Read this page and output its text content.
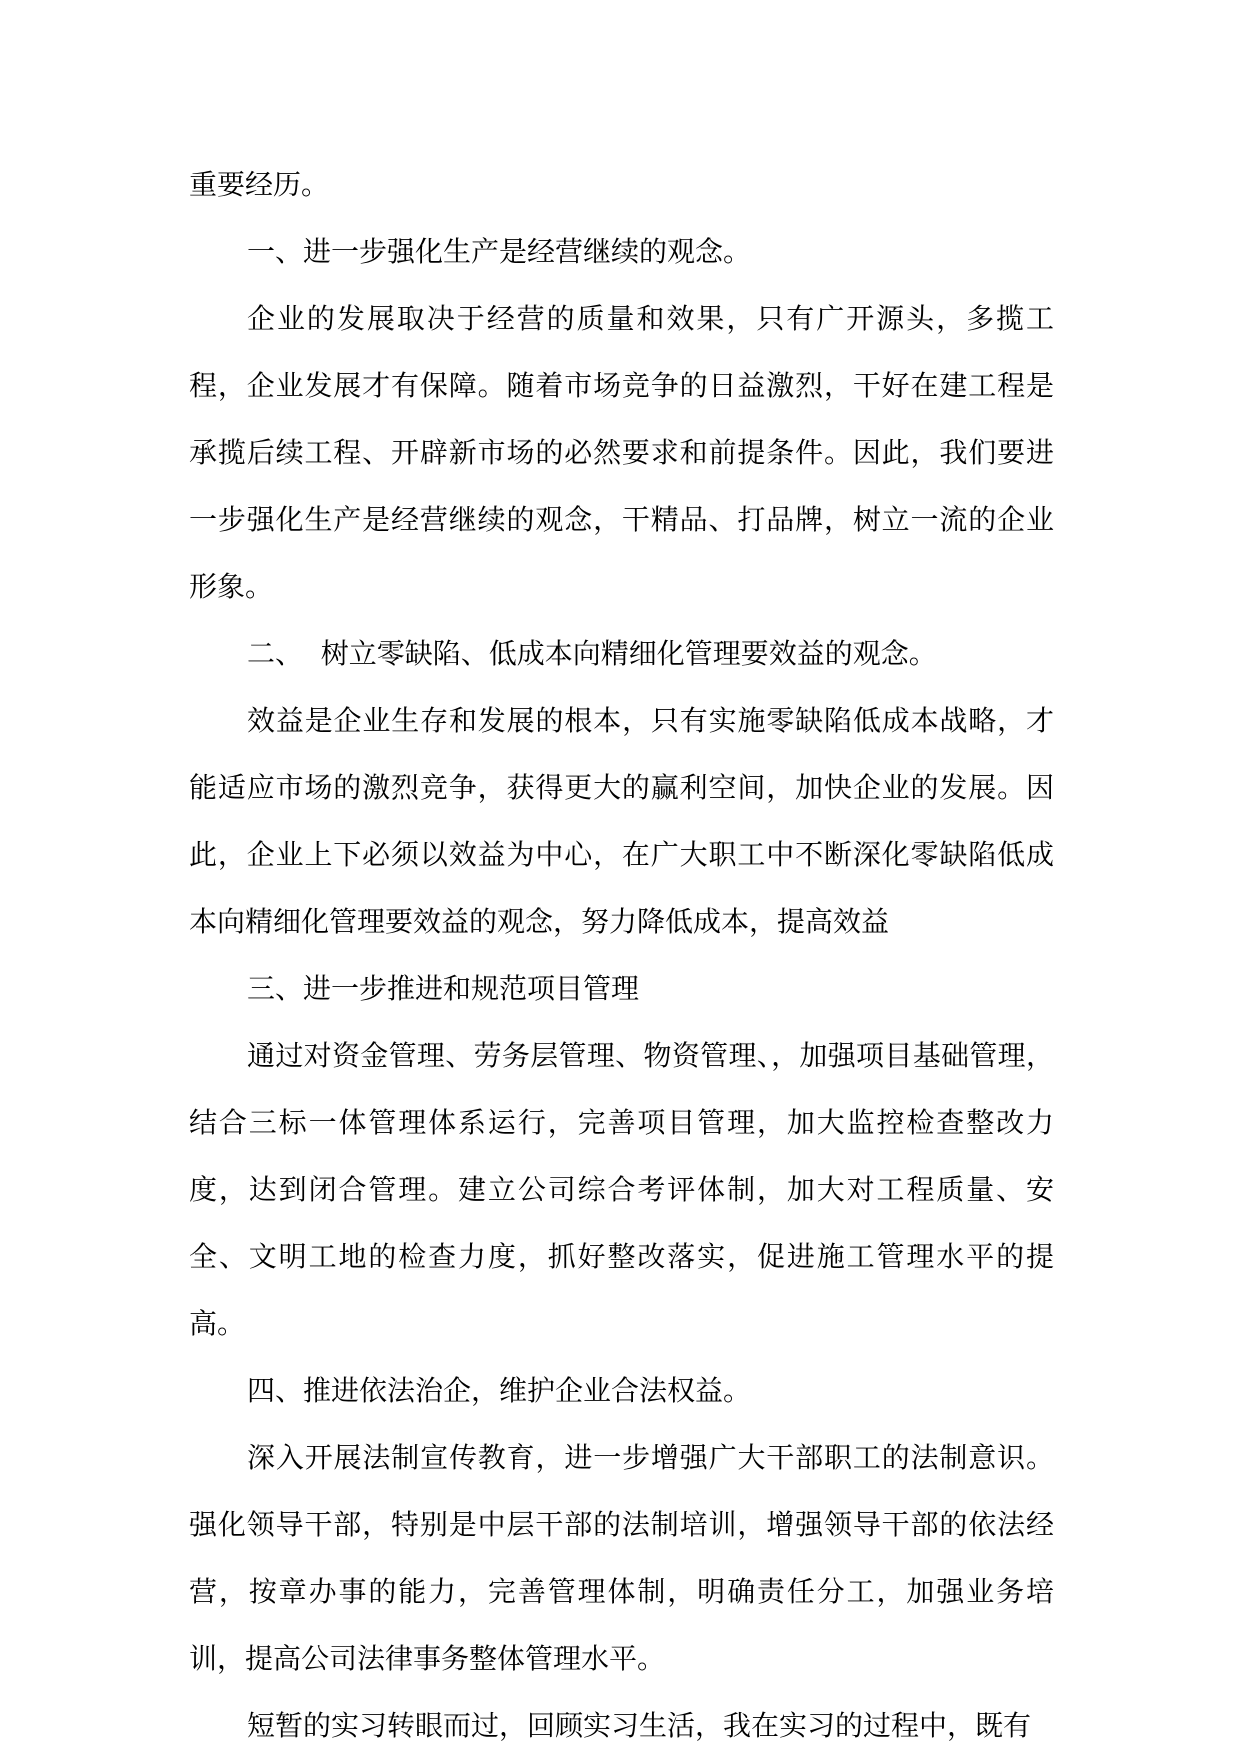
重要经历。

一、进一步强化生产是经营继续的观念。

企业的发展取决于经营的质量和效果，只有广开源头，多揽工程，企业发展才有保障。随着市场竞争的日益激烈，干好在建工程是承揽后续工程、开辟新市场的必然要求和前提条件。因此，我们要进一步强化生产是经营继续的观念，干精品、打品牌，树立一流的企业形象。

二、  树立零缺陷、低成本向精细化管理要效益的观念。

效益是企业生存和发展的根本，只有实施零缺陷低成本战略，才能适应市场的激烈竞争，获得更大的赢利空间，加快企业的发展。因此，企业上下必须以效益为中心，在广大职工中不断深化零缺陷低成本向精细化管理要效益的观念，努力降低成本，提高效益

三、进一步推进和规范项目管理

通过对资金管理、劳务层管理、物资管理、，加强项目基础管理，结合三标一体管理体系运行，完善项目管理，加大监控检查整改力度，达到闭合管理。建立公司综合考评体制，加大对工程质量、安全、文明工地的检查力度，抓好整改落实，促进施工管理水平的提高。

四、推进依法治企，维护企业合法权益。

深入开展法制宣传教育，进一步增强广大干部职工的法制意识。强化领导干部，特别是中层干部的法制培训，增强领导干部的依法经营，按章办事的能力，完善管理体制，明确责任分工，加强业务培训，提高公司法律事务整体管理水平。

短暂的实习转眼而过，回顾实习生活，我在实习的过程中，既有
